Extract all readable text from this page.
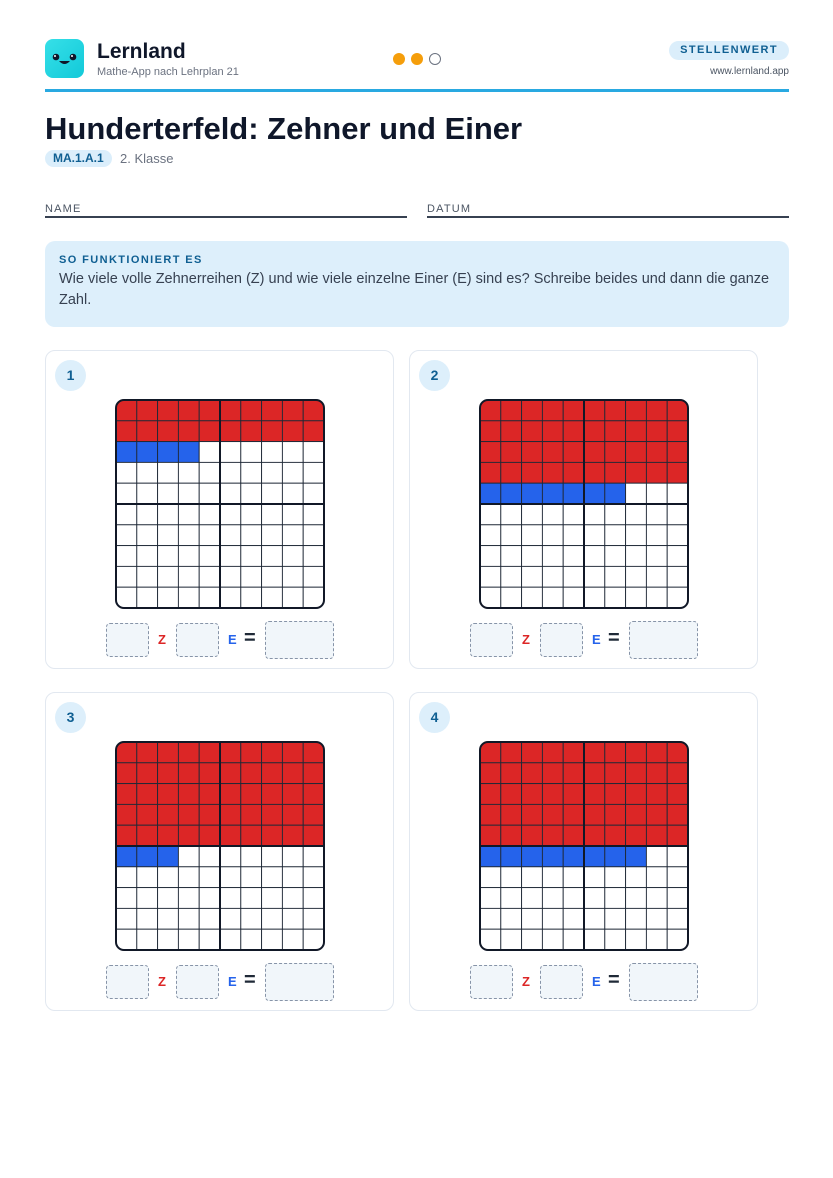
Lernland
Mathe-App nach Lehrplan 21
STELLENWERT
www.lernland.app
Hunderterfeld: Zehner und Einer
MA.1.A.1	2. Klasse
NAME	DATUM
SO FUNKTIONIERT ES
Wie viele volle Zehnerreihen (Z) und wie viele einzelne Einer (E) sind es? Schreibe beides und dann die ganze Zahl.
1
Z	E =
2
Z	E =
3
Z	E =
4
Z	E =
